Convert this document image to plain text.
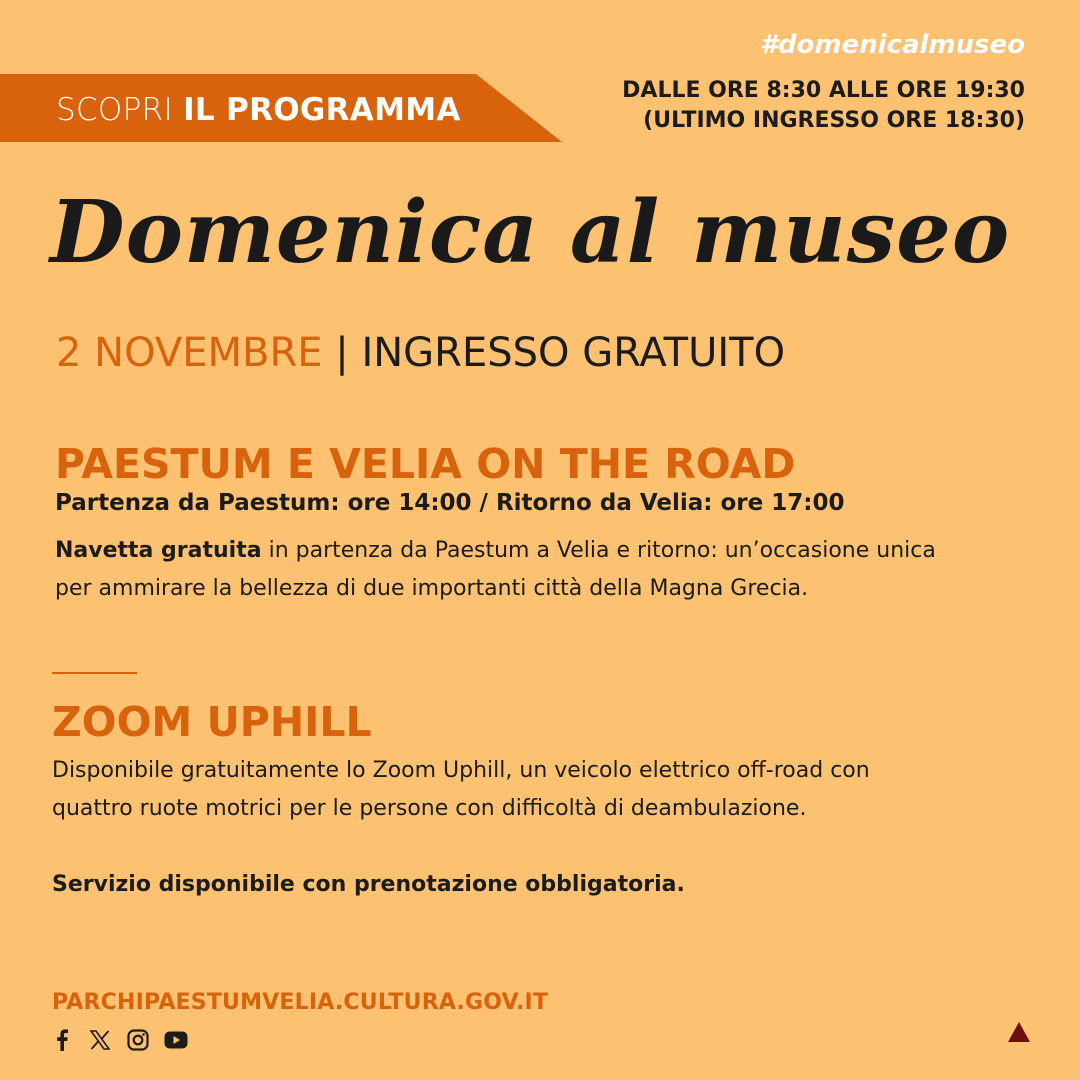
SCOPRI IL PROGRAMMA
#domenicalmuseo
DALLE ORE 8:30 ALLE ORE 19:30
(ULTIMO INGRESSO ORE 18:30)
Domenica al museo
2 NOVEMBRE | INGRESSO GRATUITO
PAESTUM E VELIA ON THE ROAD
Partenza da Paestum: ore 14:00 / Ritorno da Velia: ore 17:00
Navetta gratuita in partenza da Paestum a Velia e ritorno: un’occasione unica per ammirare la bellezza di due importanti città della Magna Grecia.
ZOOM UPHILL
Disponibile gratuitamente lo Zoom Uphill, un veicolo elettrico off-road con quattro ruote motrici per le persone con difficoltà di deambulazione.
Servizio disponibile con prenotazione obbligatoria.
PARCHIPAESTUMVELIA.CULTURA.GOV.IT
